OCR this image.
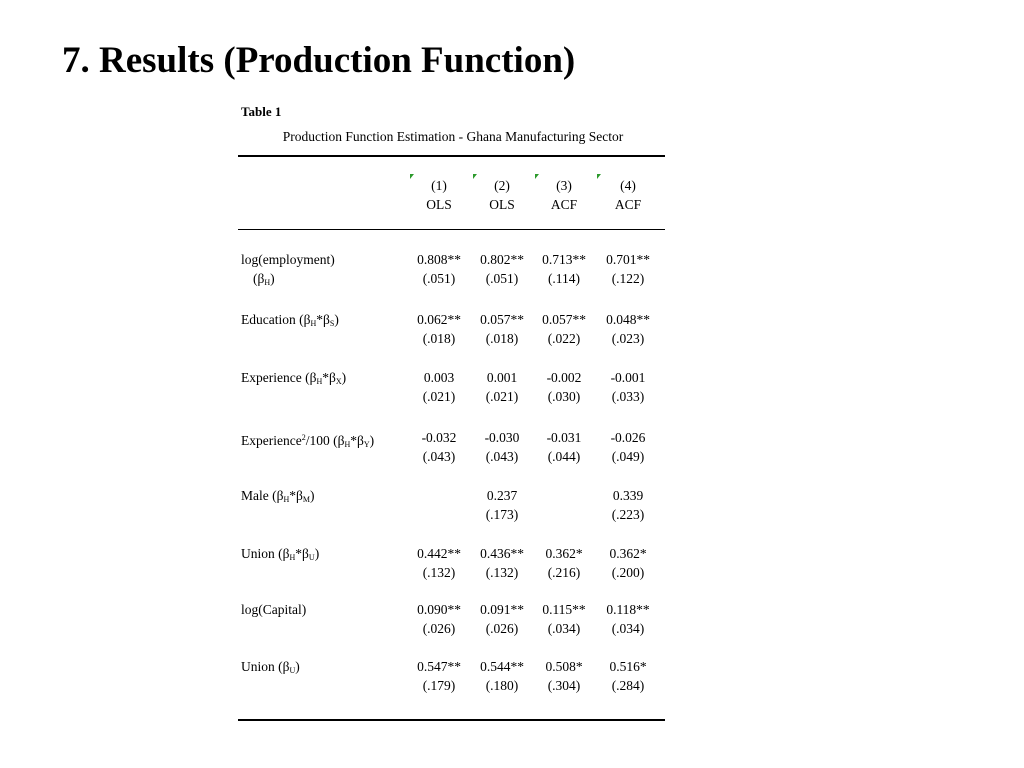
7. Results (Production Function)
Table 1
Production Function Estimation - Ghana Manufacturing Sector
(1)
OLS
(2)
OLS
(3)
ACF
(4)
ACF
log(employment)
$(\beta_H)$
Education $(\beta_H*\beta_S)$
Experience $(\beta_H*\beta_X)$
Experience$^2$/100 $(\beta_H*\beta_Y)$
Male $(\beta_H*\beta_M)$
Union $(\beta_H*\beta_U)$
log(Capital)
Union $(\beta_U)$
0.808**
(.051)
0.802**
(.051)
0.713**
(.114)
0.701**
(.122)
0.062**
(.018)
0.057**
(.018)
0.057**
(.022)
0.048**
(.023)
0.003
(.021)
0.001
(.021)
-0.002
(.030)
-0.001
(.033)
-0.032
(.043)
-0.030
(.043)
-0.031
(.044)
-0.026
(.049)
0.237
(.173)
0.339
(.223)
0.442**
(.132)
0.436**
(.132)
0.362*
(.216)
0.362*
(.200)
0.090**
(.026)
0.091**
(.026)
0.115**
(.034)
0.118**
(.034)
0.547**
(.179)
0.544**
(.180)
0.508*
(.304)
0.516*
(.284)
